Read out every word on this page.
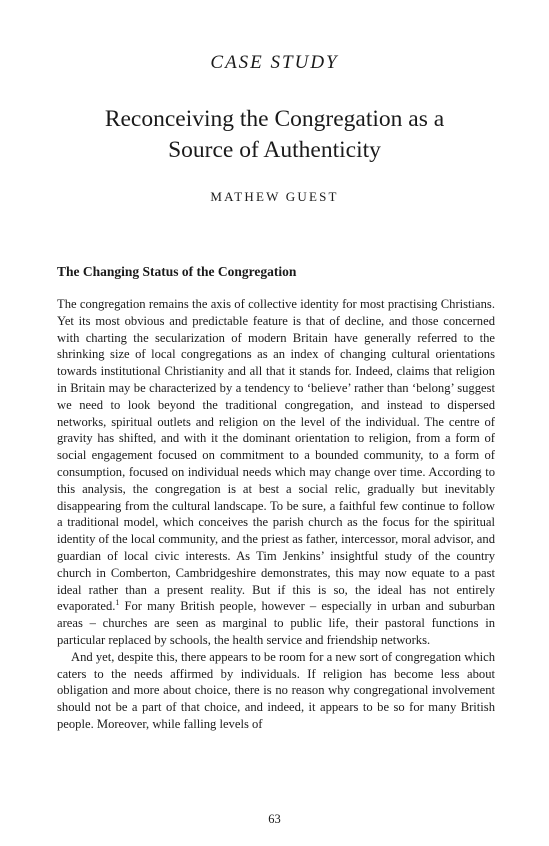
CASE STUDY
Reconceiving the Congregation as a
Source of Authenticity
MATHEW GUEST
The Changing Status of the Congregation

The congregation remains the axis of collective identity for most practising Christians. Yet its most obvious and predictable feature is that of decline, and those concerned with charting the secularization of modern Britain have generally referred to the shrinking size of local congregations as an index of changing cultural orientations towards institutional Christianity and all that it stands for. Indeed, claims that religion in Britain may be characterized by a tendency to ‘believe’ rather than ‘belong’ suggest we need to look beyond the traditional congregation, and instead to dispersed networks, spiritual outlets and religion on the level of the individual. The centre of gravity has shifted, and with it the dominant orientation to religion, from a form of social engagement focused on commitment to a bounded community, to a form of consumption, focused on individual needs which may change over time. According to this analysis, the congregation is at best a social relic, gradually but inevitably disappearing from the cultural landscape. To be sure, a faithful few continue to follow a traditional model, which conceives the parish church as the focus for the spiritual identity of the local community, and the priest as father, intercessor, moral advisor, and guardian of local civic interests. As Tim Jenkins’ insightful study of the country church in Comberton, Cambridgeshire demonstrates, this may now equate to a past ideal rather than a present reality. But if this is so, the ideal has not entirely evaporated.$^1$ For many British people, however – especially in urban and suburban areas – churches are seen as marginal to public life, their pastoral functions in particular replaced by schools, the health service and friendship networks.

And yet, despite this, there appears to be room for a new sort of congregation which caters to the needs affirmed by individuals. If religion has become less about obligation and more about choice, there is no reason why congregational involvement should not be a part of that choice, and indeed, it appears to be so for many British people. Moreover, while falling levels of

63
